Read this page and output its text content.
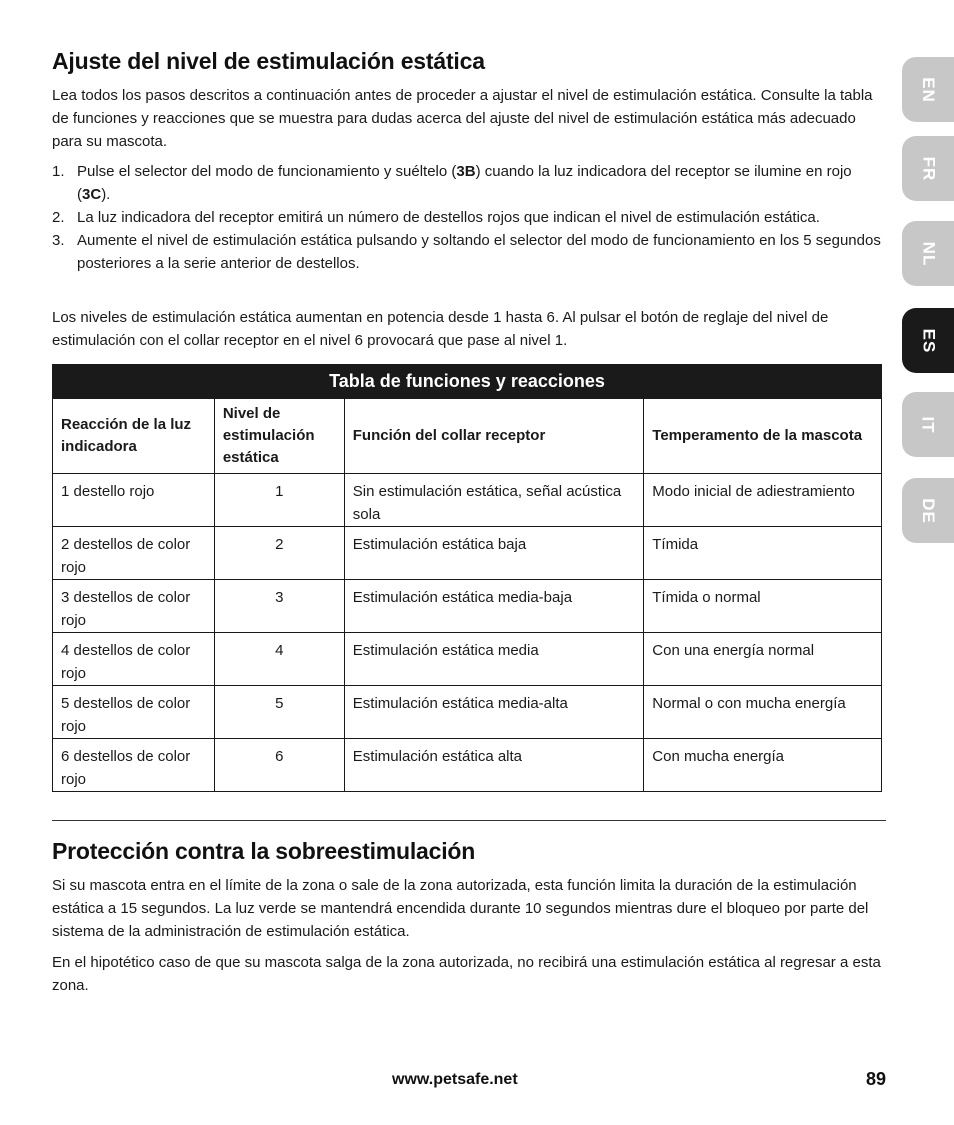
Ajuste del nivel de estimulación estática

Lea todos los pasos descritos a continuación antes de proceder a ajustar el nivel de estimulación estática. Consulte la tabla de funciones y reacciones que se muestra para dudas acerca del ajuste del nivel de estimulación estática más adecuado para su mascota.

1. Pulse el selector del modo de funcionamiento y suéltelo (3B) cuando la luz indicadora del receptor se ilumine en rojo (3C).
2. La luz indicadora del receptor emitirá un número de destellos rojos que indican el nivel de estimulación estática.
3. Aumente el nivel de estimulación estática pulsando y soltando el selector del modo de funcionamiento en los 5 segundos posteriores a la serie anterior de destellos.

Los niveles de estimulación estática aumentan en potencia desde 1 hasta 6. Al pulsar el botón de reglaje del nivel de estimulación con el collar receptor en el nivel 6 provocará que pase al nivel 1.

Tabla de funciones y reacciones			
Reacción de la luz indicadora	Nivel de estimulación estática	Función del collar receptor	Temperamento de la mascota
1 destello rojo	1	Sin estimulación estática, señal acústica sola	Modo inicial de adiestramiento
2 destellos de color rojo	2	Estimulación estática baja	Tímida
3 destellos de color rojo	3	Estimulación estática media-baja	Tímida o normal
4 destellos de color rojo	4	Estimulación estática media	Con una energía normal
5 destellos de color rojo	5	Estimulación estática media-alta	Normal o con mucha energía
6 destellos de color rojo	6	Estimulación estática alta	Con mucha energía
Protección contra la sobreestimulación

Si su mascota entra en el límite de la zona o sale de la zona autorizada, esta función limita la duración de la estimulación estática a 15 segundos. La luz verde se mantendrá encendida durante 10 segundos mientras dure el bloqueo por parte del sistema de la administración de estimulación estática.

En el hipotético caso de que su mascota salga de la zona autorizada, no recibirá una estimulación estática al regresar a esta zona.

www.petsafe.net	89
EN
FR
NL
ES
IT
DE
